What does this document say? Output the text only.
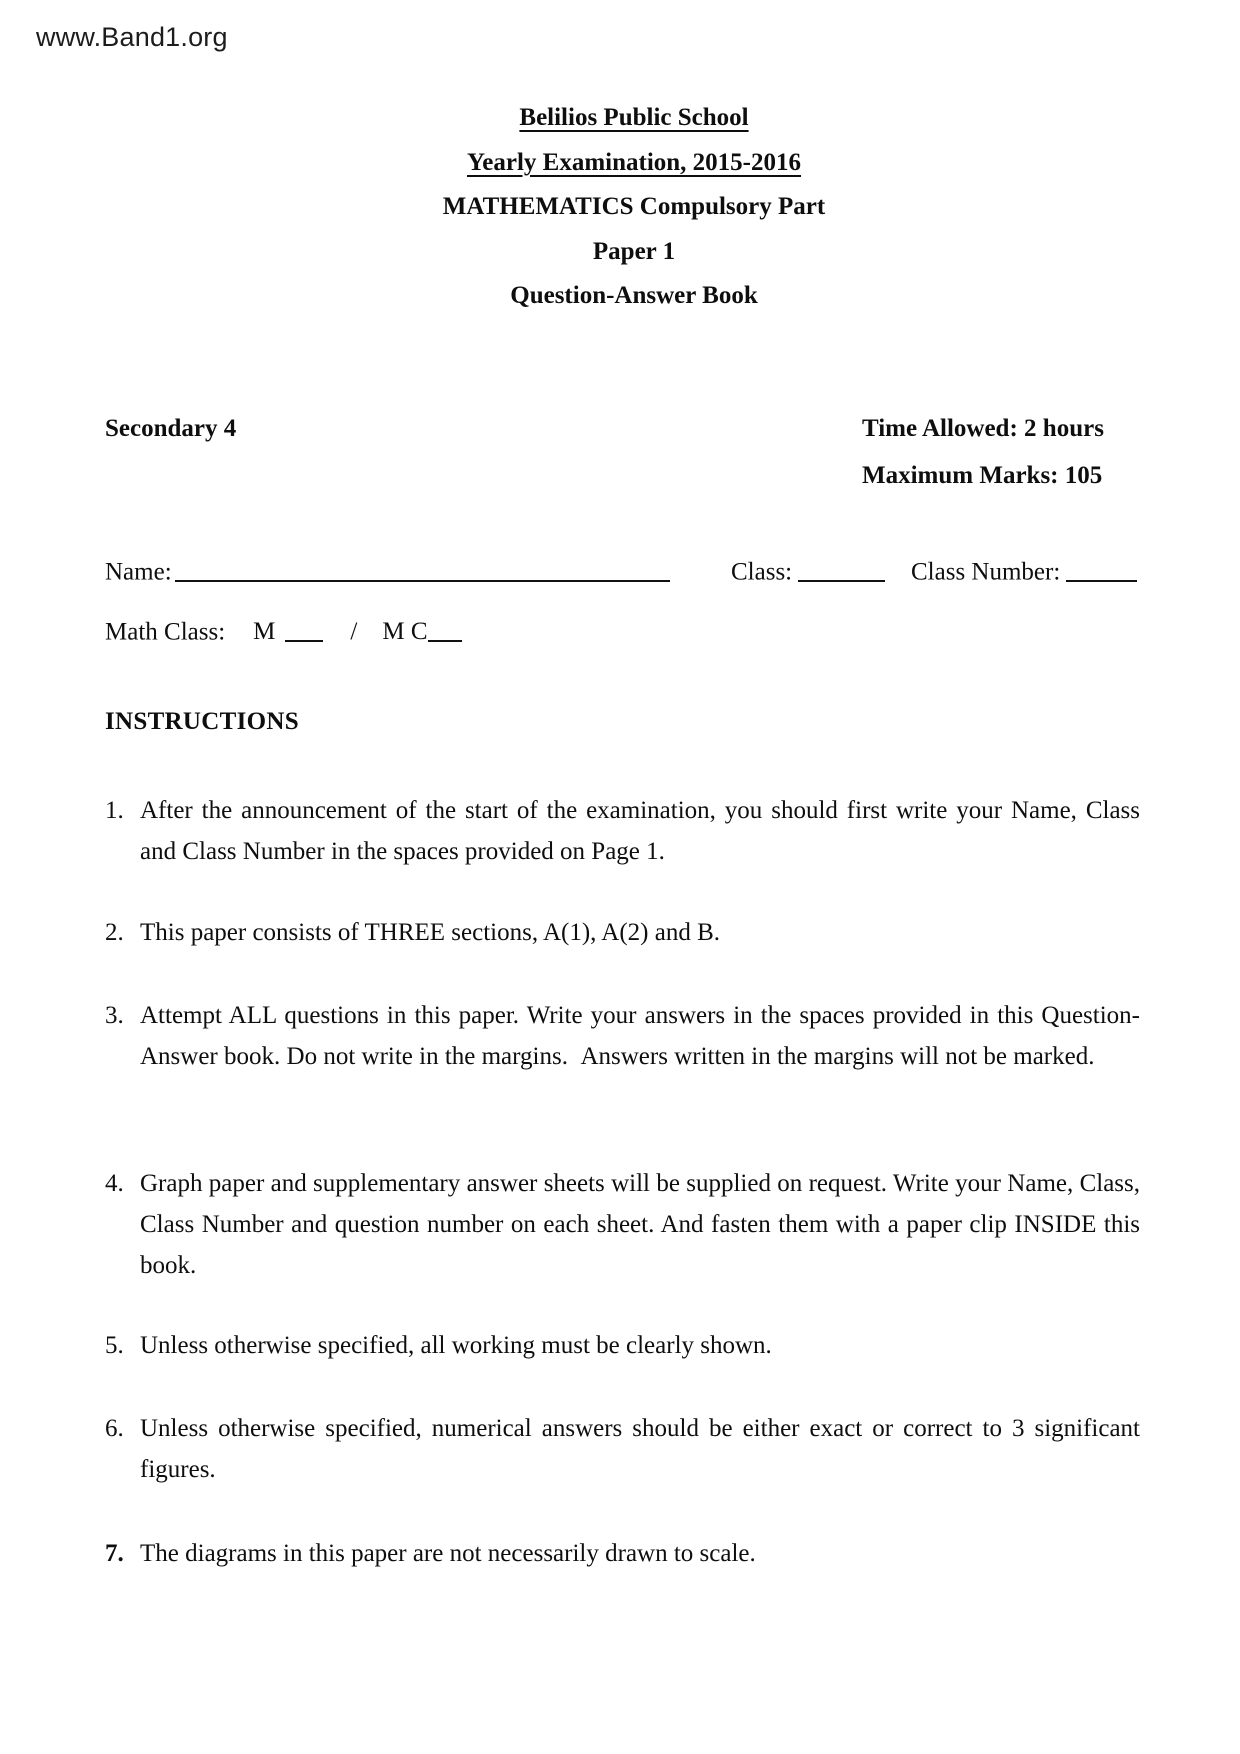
www.Band1.org
Belilios Public School
Yearly Examination, 2015-2016
MATHEMATICS Compulsory Part
Paper 1
Question-Answer Book
Secondary 4	Time Allowed: 2 hours
Maximum Marks: 105
Name:	Class:	Class Number:
Math Class: M	/ M C
INSTRUCTIONS
1. After the announcement of the start of the examination, you should first write your Name, Class and Class Number in the spaces provided on Page 1.
2. This paper consists of THREE sections, A(1), A(2) and B.
3. Attempt ALL questions in this paper. Write your answers in the spaces provided in this Question-Answer book. Do not write in the margins.  Answers written in the margins will not be marked.
4. Graph paper and supplementary answer sheets will be supplied on request. Write your Name, Class, Class Number and question number on each sheet. And fasten them with a paper clip INSIDE this book.
5. Unless otherwise specified, all working must be clearly shown.
6. Unless otherwise specified, numerical answers should be either exact or correct to 3 significant figures.
7. The diagrams in this paper are not necessarily drawn to scale.
